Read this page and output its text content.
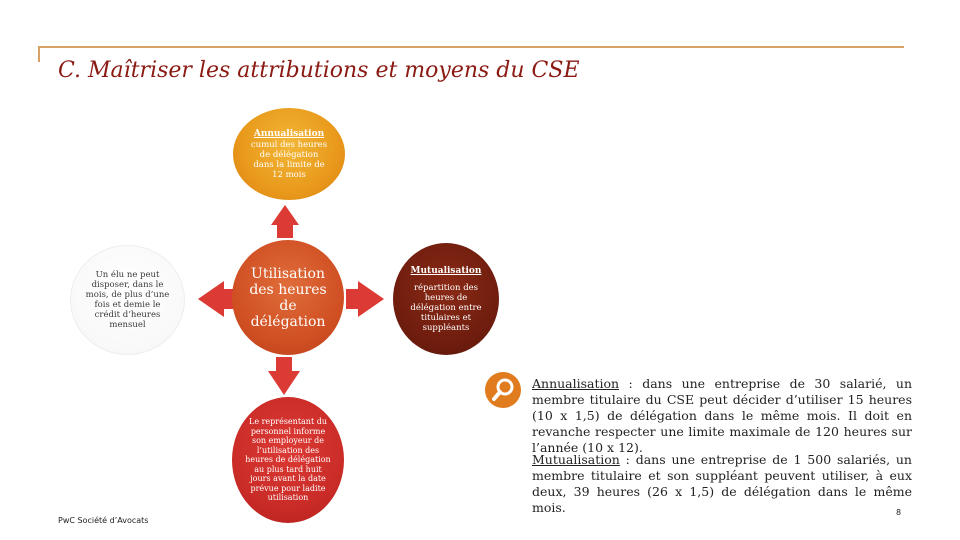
C. Maîtriser les attributions et moyens du CSE
Annualisation
cumul des heures de délégation dans la limite de 12 mois
Utilisation des heures de délégation
Mutualisation
répartition des heures de délégation entre titulaires et suppléants
Un élu ne peut disposer, dans le mois, de plus d’une fois et demie le crédit d’heures mensuel
Le représentant du personnel informe son employeur de l’utilisation des heures de délégation au plus tard huit jours avant la date prévue pour ladite utilisation
Annualisation : dans une entreprise de 30 salarié, un membre titulaire du CSE peut décider d’utiliser 15 heures (10 x 1,5) de délégation dans le même mois. Il doit en revanche respecter une limite maximale de 120 heures sur l’année (10 x 12).
Mutualisation : dans une entreprise de 1 500 salariés, un membre titulaire et son suppléant peuvent utiliser, à eux deux, 39 heures (26 x 1,5) de délégation dans le même mois.
PwC Société d’Avocats
8
